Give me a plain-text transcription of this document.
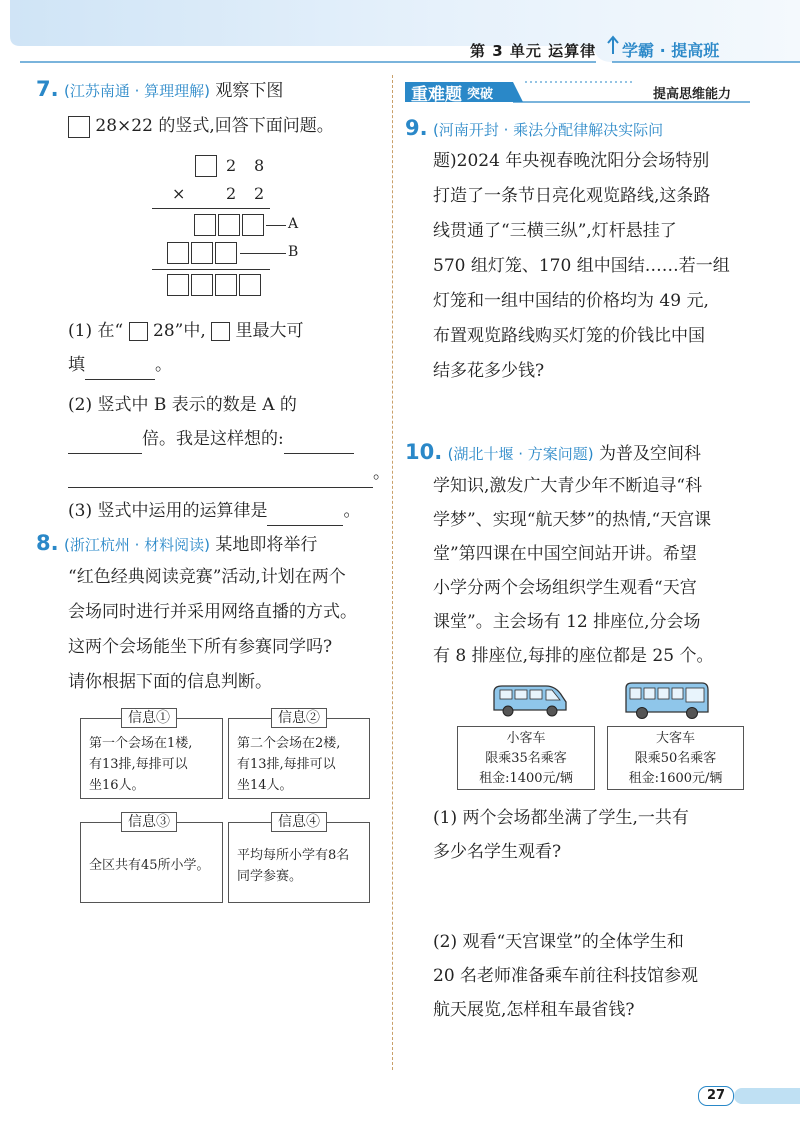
第 3 单元 运算律 学霸 · 提高班
7. (江苏南通 · 算理理解) 观察下图
28×22 的竖式,回答下面问题。
2 8
×	2 2
A
B
(1) 在“ 28”中, 里最大可
填	。
(2) 竖式中 B 表示的数是 A 的
倍。我是这样想的:
。
(3) 竖式中运用的运算律是	。
8. (浙江杭州 · 材料阅读) 某地即将举行
“红色经典阅读竞赛”活动,计划在两个
会场同时进行并采用网络直播的方式。
这两个会场能坐下所有参赛同学吗?
请你根据下面的信息判断。
信息①
第一个会场在1楼,
有13排,每排可以
坐16人。
信息②
第二个会场在2楼,
有13排,每排可以
坐14人。
信息③
全区共有45所小学。
信息④
平均每所小学有8名
同学参赛。
重难题 突破	提高思维能力
9. (河南开封 · 乘法分配律解决实际问
题)2024 年央视春晚沈阳分会场特别
打造了一条节日亮化观览路线,这条路
线贯通了“三横三纵”,灯杆悬挂了
570 组灯笼、170 组中国结……若一组
灯笼和一组中国结的价格均为 49 元,
布置观览路线购买灯笼的价钱比中国
结多花多少钱?
10. (湖北十堰 · 方案问题) 为普及空间科
学知识,激发广大青少年不断追寻“科
学梦”、实现“航天梦”的热情,“天宫课
堂”第四课在中国空间站开讲。希望
小学分两个会场组织学生观看“天宫
课堂”。主会场有 12 排座位,分会场
有 8 排座位,每排的座位都是 25 个。
小客车
限乘35名乘客
租金:1400元/辆
大客车
限乘50名乘客
租金:1600元/辆
(1) 两个会场都坐满了学生,一共有
多少名学生观看?
(2) 观看“天宫课堂”的全体学生和
20 名老师准备乘车前往科技馆参观
航天展览,怎样租车最省钱?
27
